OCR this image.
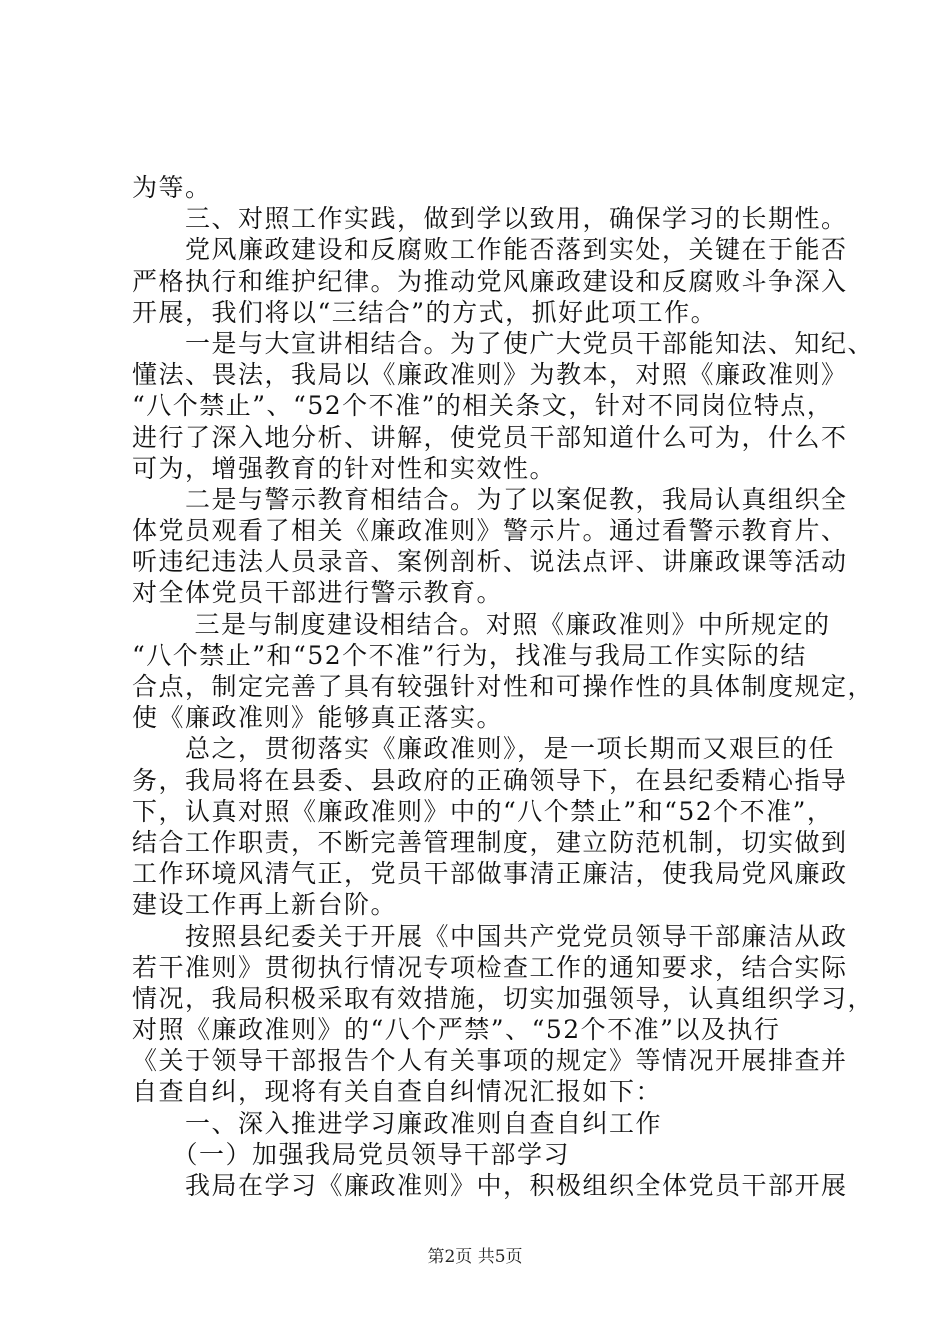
为等。
　　三、对照工作实践，做到学以致用，确保学习的长期性。
　　党风廉政建设和反腐败工作能否落到实处，关键在于能否
严格执行和维护纪律。为推动党风廉政建设和反腐败斗争深入
开展，我们将以“三结合”的方式，抓好此项工作。
　　一是与大宣讲相结合。为了使广大党员干部能知法、知纪、
懂法、畏法，我局以《廉政准则》为教本，对照《廉政准则》
“八个禁止”、“52个不准”的相关条文，针对不同岗位特点，
进行了深入地分析、讲解，使党员干部知道什么可为，什么不
可为，增强教育的针对性和实效性。
　　二是与警示教育相结合。为了以案促教，我局认真组织全
体党员观看了相关《廉政准则》警示片。通过看警示教育片、
听违纪违法人员录音、案例剖析、说法点评、讲廉政课等活动
对全体党员干部进行警示教育。
　　 三是与制度建设相结合。对照《廉政准则》中所规定的
“八个禁止”和“52个不准”行为，找准与我局工作实际的结
合点，制定完善了具有较强针对性和可操作性的具体制度规定，
使《廉政准则》能够真正落实。
　　总之，贯彻落实《廉政准则》，是一项长期而又艰巨的任
务，我局将在县委、县政府的正确领导下，在县纪委精心指导
下，认真对照《廉政准则》中的“八个禁止”和“52个不准”，
结合工作职责，不断完善管理制度，建立防范机制，切实做到
工作环境风清气正，党员干部做事清正廉洁，使我局党风廉政
建设工作再上新台阶。
　　按照县纪委关于开展《中国共产党党员领导干部廉洁从政
若干准则》贯彻执行情况专项检查工作的通知要求，结合实际
情况，我局积极采取有效措施，切实加强领导，认真组织学习，
对照《廉政准则》的“八个严禁”、“52个不准”以及执行
《关于领导干部报告个人有关事项的规定》等情况开展排查并
自查自纠，现将有关自查自纠情况汇报如下：
　　一、深入推进学习廉政准则自查自纠工作
　　（一）加强我局党员领导干部学习
　　我局在学习《廉政准则》中，积极组织全体党员干部开展
第2页 共5页
